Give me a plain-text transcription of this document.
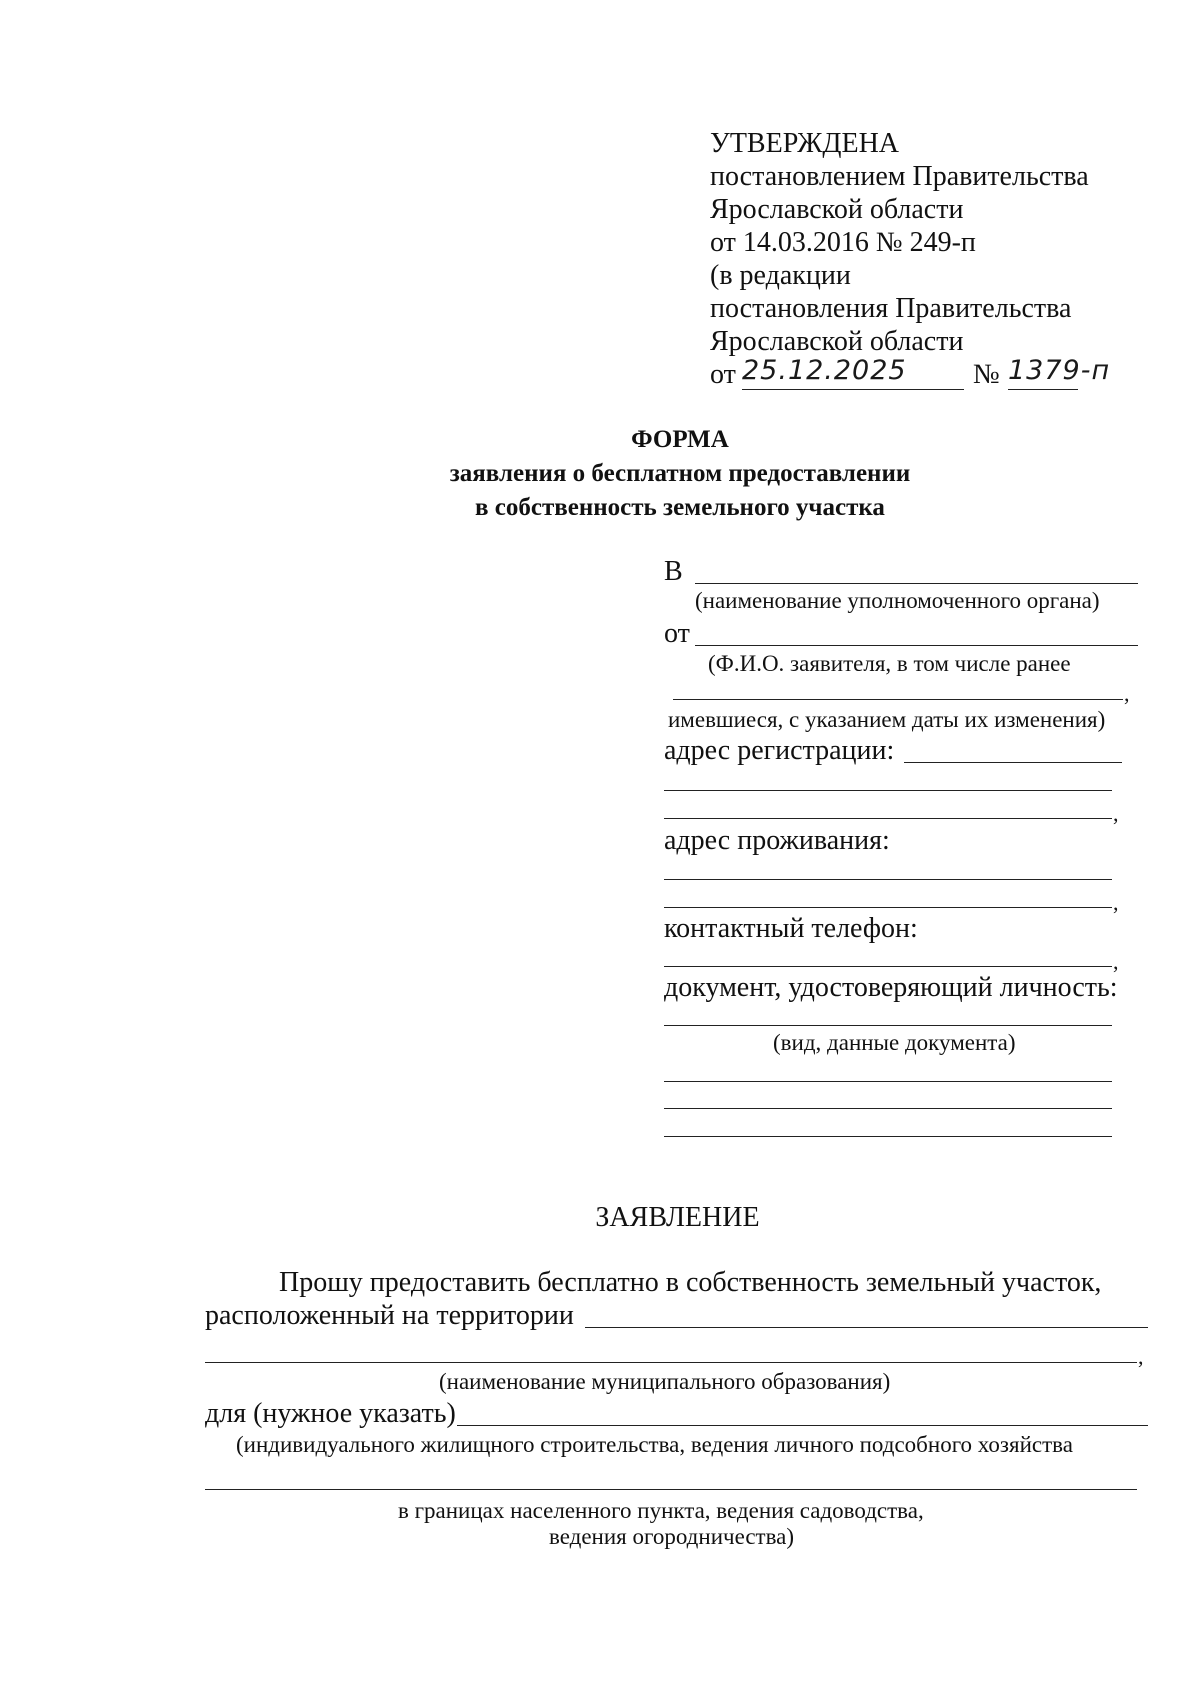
УТВЕРЖДЕНА
постановлением Правительства
Ярославской области
от 14.03.2016 № 249-п
(в редакции
постановления Правительства
Ярославской области
от 25.12.2025 № 1379-п
ФОРМА
заявления о бесплатном предоставлении
в собственность земельного участка
В
(наименование уполномоченного органа)
от
(Ф.И.О. заявителя, в том числе ранее
,
имевшиеся, с указанием даты их изменения)
адрес регистрации:
,
адрес проживания:
,
контактный телефон:
,
документ, удостоверяющий личность:
(вид, данные документа)
ЗАЯВЛЕНИЕ
Прошу предоставить бесплатно в собственность земельный участок,
расположенный на территории
,
(наименование муниципального образования)
для (нужное указать)
(индивидуального жилищного строительства, ведения личного подсобного хозяйства
в границах населенного пункта, ведения садоводства,
ведения огородничества)
